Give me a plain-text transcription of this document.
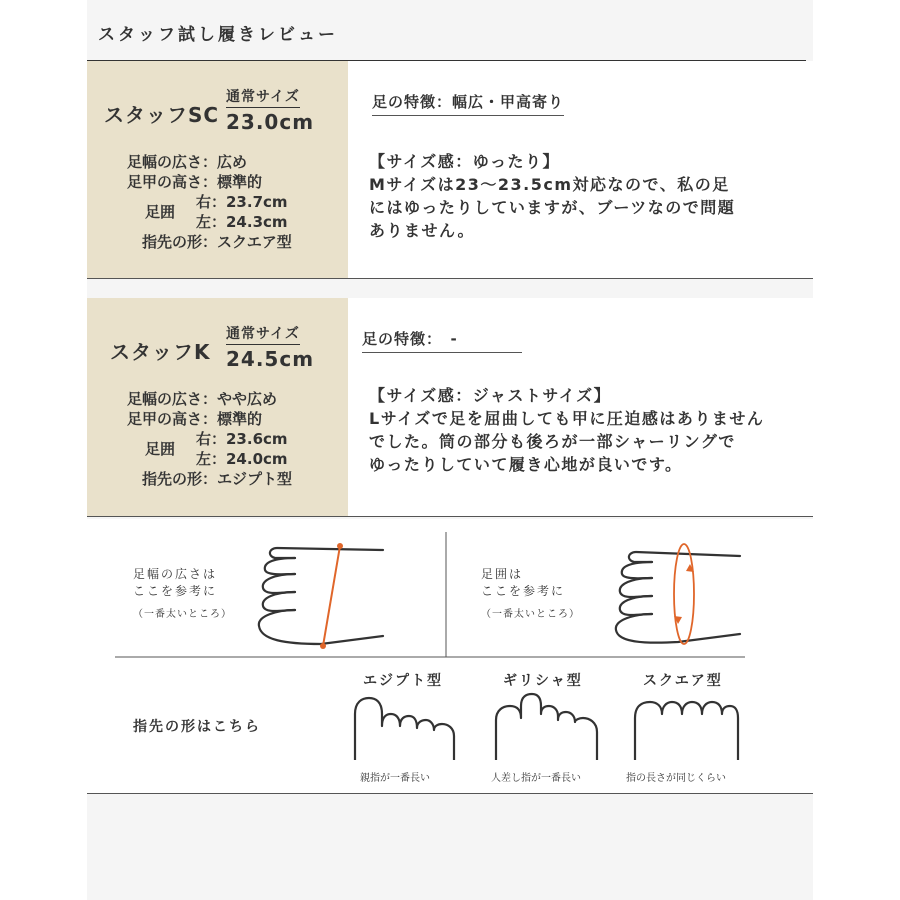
スタッフ試し履きレビュー
スタッフSC
通常サイズ
23.0cm
足幅の広さ：広め
足甲の高さ：標準的
足囲
右： 23.7cm
左： 24.3cm
指先の形：スクエア型
足の特徴：幅広・甲高寄り
【サイズ感：ゆったり】
Mサイズは23～23.5cm対応なので、私の足
にはゆったりしていますが、ブーツなので問題
ありません。
スタッフK
通常サイズ
24.5cm
足幅の広さ：やや広め
足甲の高さ：標準的
足囲
右： 23.6cm
左： 24.0cm
指先の形：エジプト型
足の特徴：　-
【サイズ感：ジャストサイズ】
Lサイズで足を屈曲しても甲に圧迫感はありません
でした。筒の部分も後ろが一部シャーリングで
ゆったりしていて履き心地が良いです。
足幅の広さは
ここを参考に
（一番太いところ）
足囲は
ここを参考に
（一番太いところ）
指先の形はこちら
エジプト型	ギリシャ型	スクエア型
親指が一番長い	人差し指が一番長い	指の長さが同じくらい
